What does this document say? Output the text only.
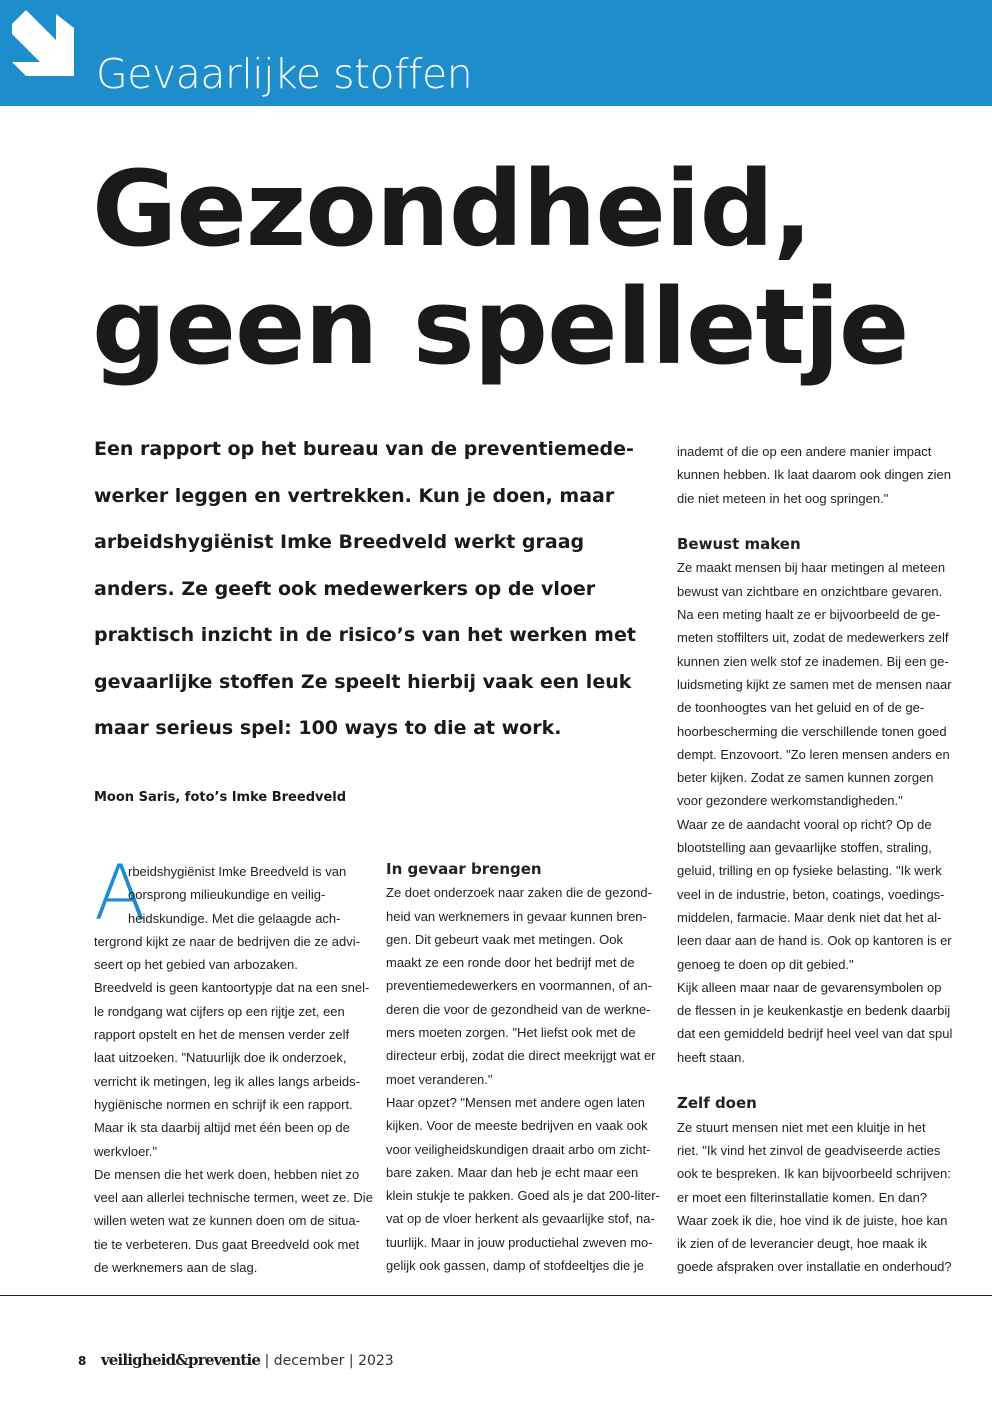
Gevaarlijke stoffen
Gezondheid,
geen spelletje
Een rapport op het bureau van de preventiemede-
werker leggen en vertrekken. Kun je doen, maar
arbeidshygiënist Imke Breedveld werkt graag
anders. Ze geeft ook medewerkers op de vloer
praktisch inzicht in de risico’s van het werken met
gevaarlijke stoffen Ze speelt hierbij vaak een leuk
maar serieus spel: 100 ways to die at work.
Moon Saris, foto’s Imke Breedveld
A
rbeidshygiënist Imke Breedveld is van
oorsprong milieukundige en veilig-
heidskundige. Met die gelaagde ach-
tergrond kijkt ze naar de bedrijven die ze advi-
seert op het gebied van arbozaken.
Breedveld is geen kantoortypje dat na een snel-
le rondgang wat cijfers op een rijtje zet, een
rapport opstelt en het de mensen verder zelf
laat uitzoeken. "Natuurlijk doe ik onderzoek,
verricht ik metingen, leg ik alles langs arbeids-
hygiënische normen en schrijf ik een rapport.
Maar ik sta daarbij altijd met één been op de
werkvloer."
De mensen die het werk doen, hebben niet zo
veel aan allerlei technische termen, weet ze. Die
willen weten wat ze kunnen doen om de situa-
tie te verbeteren. Dus gaat Breedveld ook met
de werknemers aan de slag.
In gevaar brengen
Ze doet onderzoek naar zaken die de gezond-
heid van werknemers in gevaar kunnen bren-
gen. Dit gebeurt vaak met metingen. Ook
maakt ze een ronde door het bedrijf met de
preventiemedewerkers en voormannen, of an-
deren die voor de gezondheid van de werkne-
mers moeten zorgen. "Het liefst ook met de
directeur erbij, zodat die direct meekrijgt wat er
moet veranderen."
Haar opzet? "Mensen met andere ogen laten
kijken. Voor de meeste bedrijven en vaak ook
voor veiligheidskundigen draait arbo om zicht-
bare zaken. Maar dan heb je echt maar een
klein stukje te pakken. Goed als je dat 200-liter-
vat op de vloer herkent als gevaarlijke stof, na-
tuurlijk. Maar in jouw productiehal zweven mo-
gelijk ook gassen, damp of stofdeeltjes die je
inademt of die op een andere manier impact
kunnen hebben. Ik laat daarom ook dingen zien
die niet meteen in het oog springen."
Bewust maken
Ze maakt mensen bij haar metingen al meteen
bewust van zichtbare en onzichtbare gevaren.
Na een meting haalt ze er bijvoorbeeld de ge-
meten stoffilters uit, zodat de medewerkers zelf
kunnen zien welk stof ze inademen. Bij een ge-
luidsmeting kijkt ze samen met de mensen naar
de toonhoogtes van het geluid en of de ge-
hoorbescherming die verschillende tonen goed
dempt. Enzovoort. "Zo leren mensen anders en
beter kijken. Zodat ze samen kunnen zorgen
voor gezondere werkomstandigheden."
Waar ze de aandacht vooral op richt? Op de
blootstelling aan gevaarlijke stoffen, straling,
geluid, trilling en op fysieke belasting. "Ik werk
veel in de industrie, beton, coatings, voedings-
middelen, farmacie. Maar denk niet dat het al-
leen daar aan de hand is. Ook op kantoren is er
genoeg te doen op dit gebied."
Kijk alleen maar naar de gevarensymbolen op
de flessen in je keukenkastje en bedenk daarbij
dat een gemiddeld bedrijf heel veel van dat spul
heeft staan.
Zelf doen
Ze stuurt mensen niet met een kluitje in het
riet. "Ik vind het zinvol de geadviseerde acties
ook te bespreken. Ik kan bijvoorbeeld schrijven:
er moet een filterinstallatie komen. En dan?
Waar zoek ik die, hoe vind ik de juiste, hoe kan
ik zien of de leverancier deugt, hoe maak ik
goede afspraken over installatie en onderhoud?
8 veiligheid&preventie | december | 2023
